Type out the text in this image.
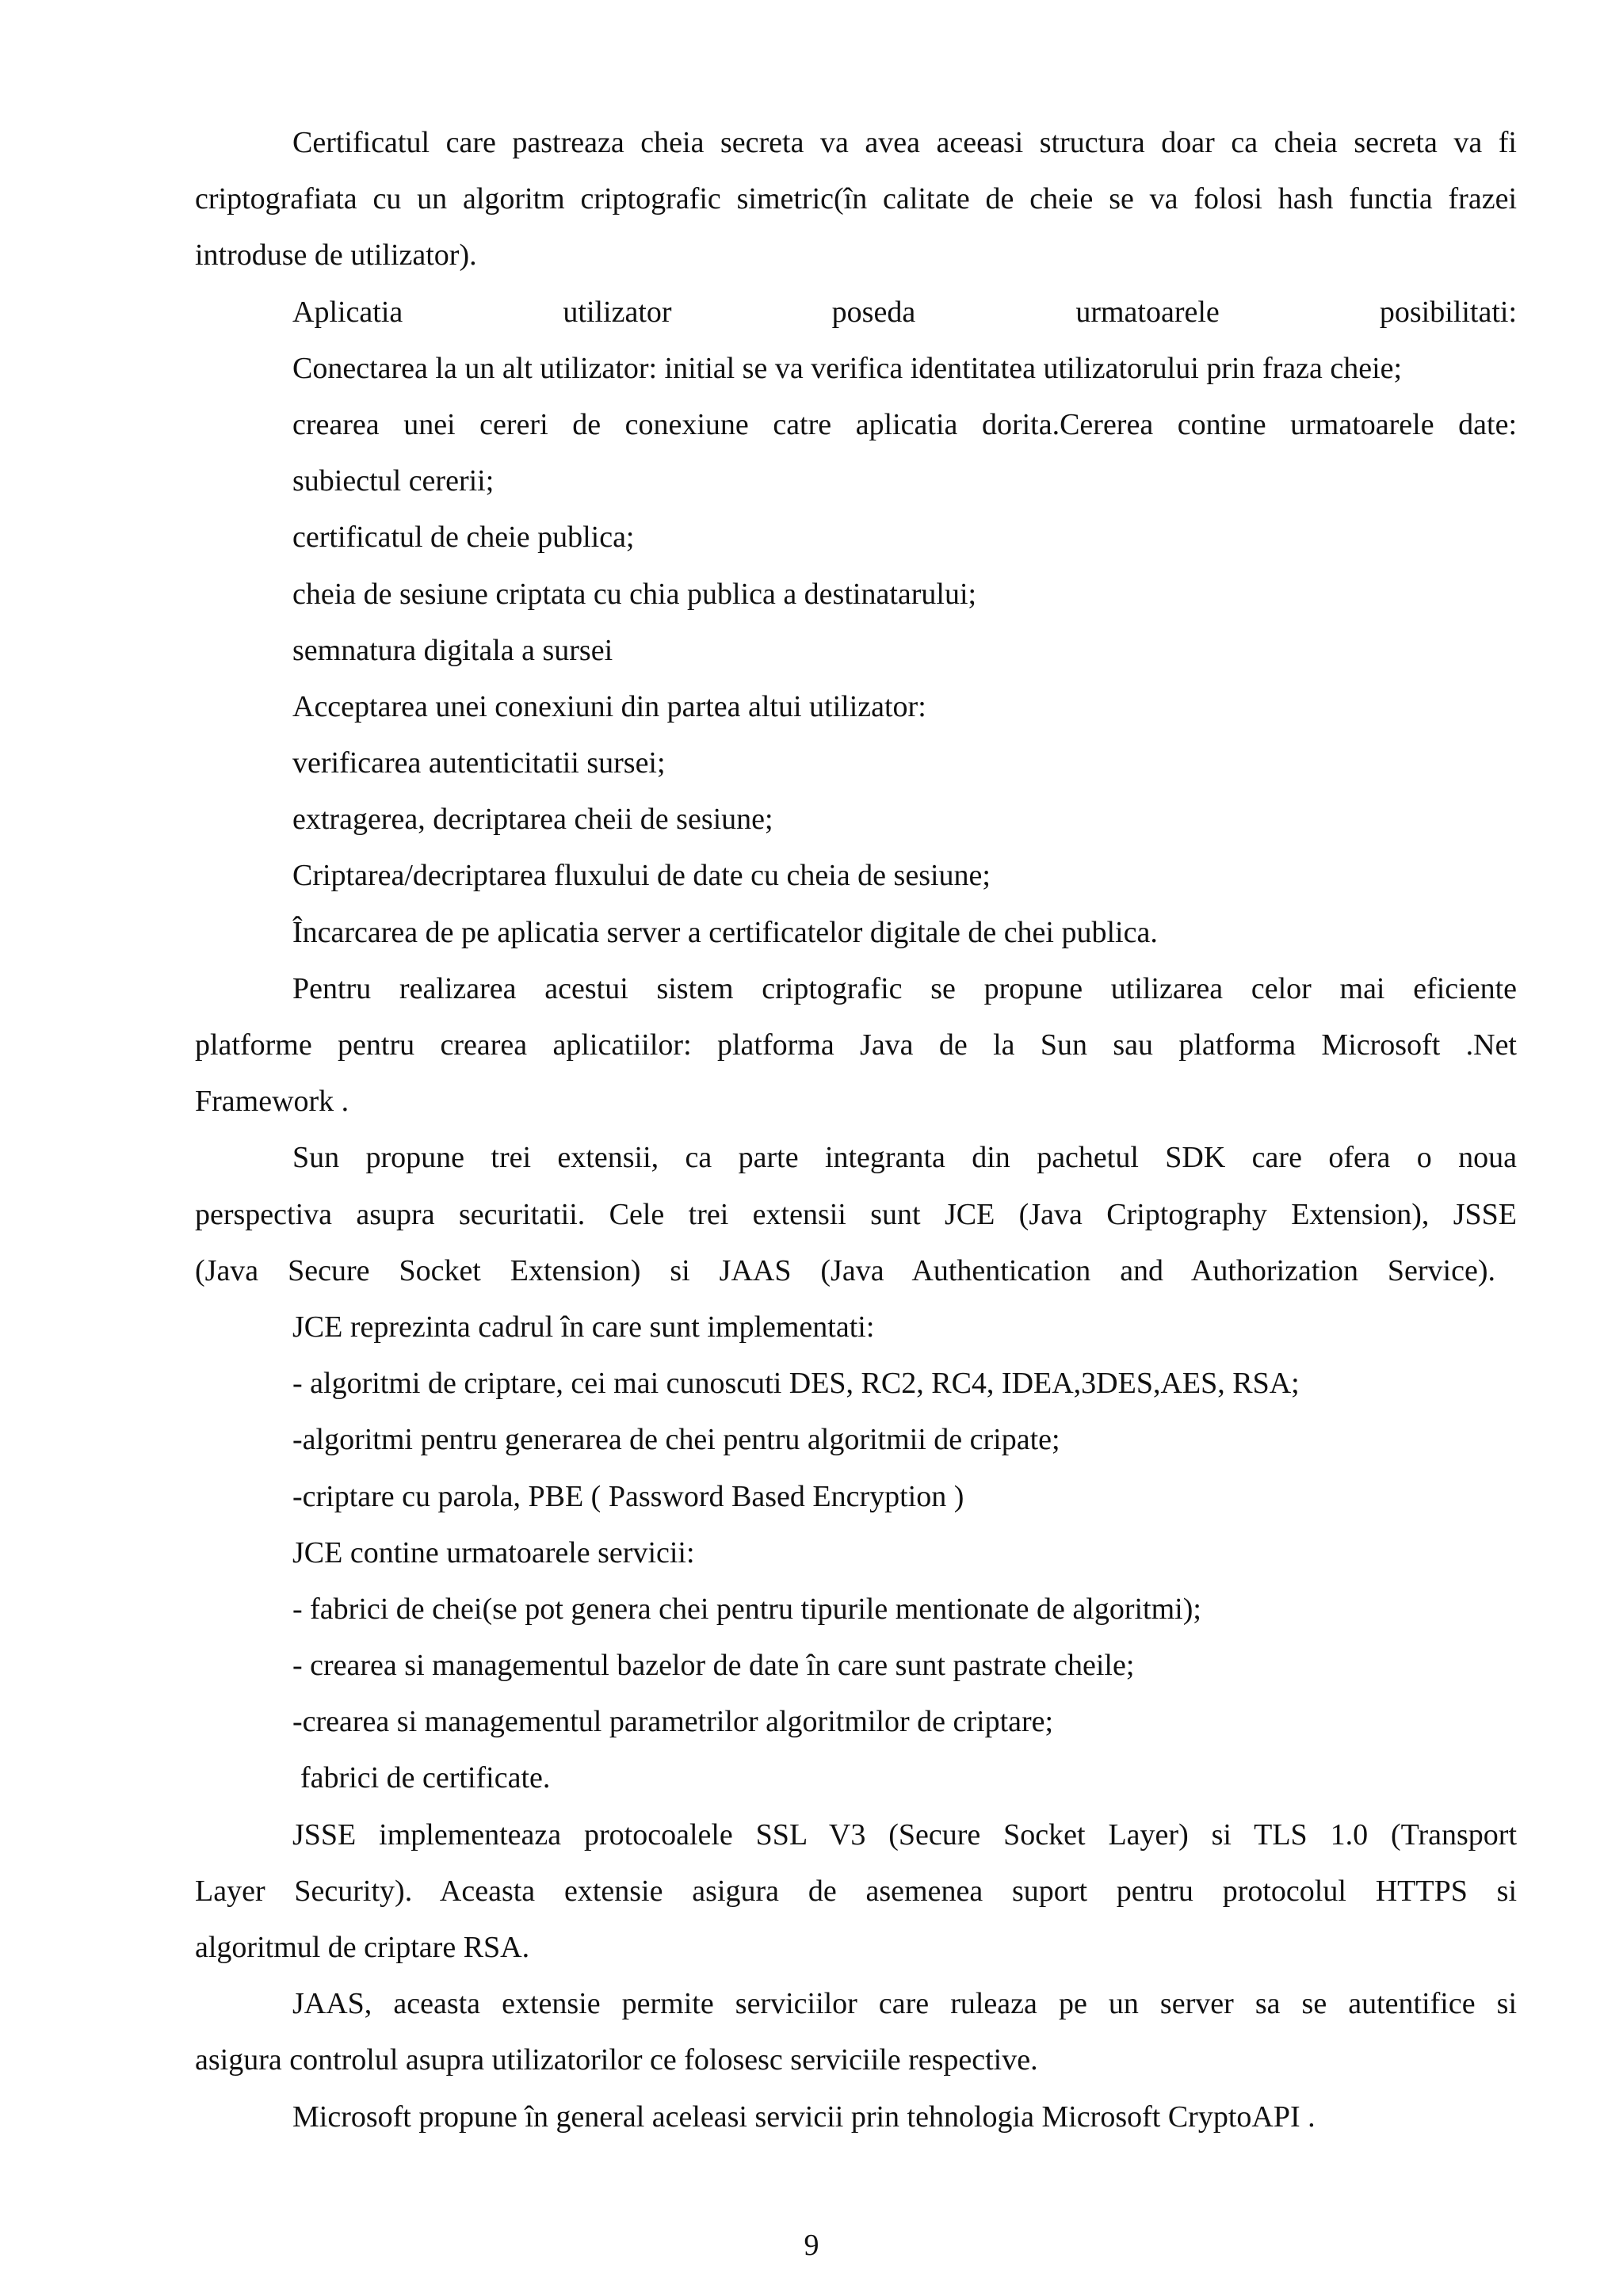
Certificatul care pastreaza cheia secreta va avea aceeasi structura doar ca cheia secreta va fi
criptografiata cu un algoritm criptografic simetric(în calitate de cheie se va folosi hash functia frazei
introduse de utilizator).
Aplicatia utilizator poseda urmatoarele posibilitati:
Conectarea la un alt utilizator: initial se va verifica identitatea utilizatorului prin fraza cheie;
crearea unei cereri de conexiune catre aplicatia dorita.Cererea contine urmatoarele date:
subiectul cererii;
certificatul de cheie publica;
cheia de sesiune criptata cu chia publica a destinatarului;
semnatura digitala a sursei
Acceptarea unei conexiuni din partea altui utilizator:
verificarea autenticitatii sursei;
extragerea, decriptarea cheii de sesiune;
Criptarea/decriptarea fluxului de date cu cheia de sesiune;
Încarcarea de pe aplicatia server a certificatelor digitale de chei publica.
Pentru realizarea acestui sistem criptografic se propune utilizarea celor mai eficiente
platforme pentru crearea aplicatiilor: platforma Java de la Sun sau platforma Microsoft .Net
Framework .
Sun propune trei extensii, ca parte integranta din pachetul SDK care ofera o noua
perspectiva asupra securitatii. Cele trei extensii sunt JCE (Java Criptography Extension), JSSE
(Java Secure Socket Extension) si JAAS (Java Authentication and Authorization Service).
JCE reprezinta cadrul în care sunt implementati:
- algoritmi de criptare, cei mai cunoscuti DES, RC2, RC4, IDEA,3DES,AES, RSA;
-algoritmi pentru generarea de chei pentru algoritmii de cripate;
-criptare cu parola, PBE ( Password Based Encryption )
JCE contine urmatoarele servicii:
- fabrici de chei(se pot genera chei pentru tipurile mentionate de algoritmi);
- crearea si managementul bazelor de date în care sunt pastrate cheile;
-crearea si managementul parametrilor algoritmilor de criptare;
fabrici de certificate.
JSSE implementeaza protocoalele SSL V3 (Secure Socket Layer) si TLS 1.0 (Transport
Layer Security). Aceasta extensie asigura de asemenea suport pentru protocolul HTTPS si
algoritmul de criptare RSA.
JAAS, aceasta extensie permite serviciilor care ruleaza pe un server sa se autentifice si
asigura controlul asupra utilizatorilor ce folosesc serviciile respective.
Microsoft propune în general aceleasi servicii prin tehnologia Microsoft CryptoAPI .
9
